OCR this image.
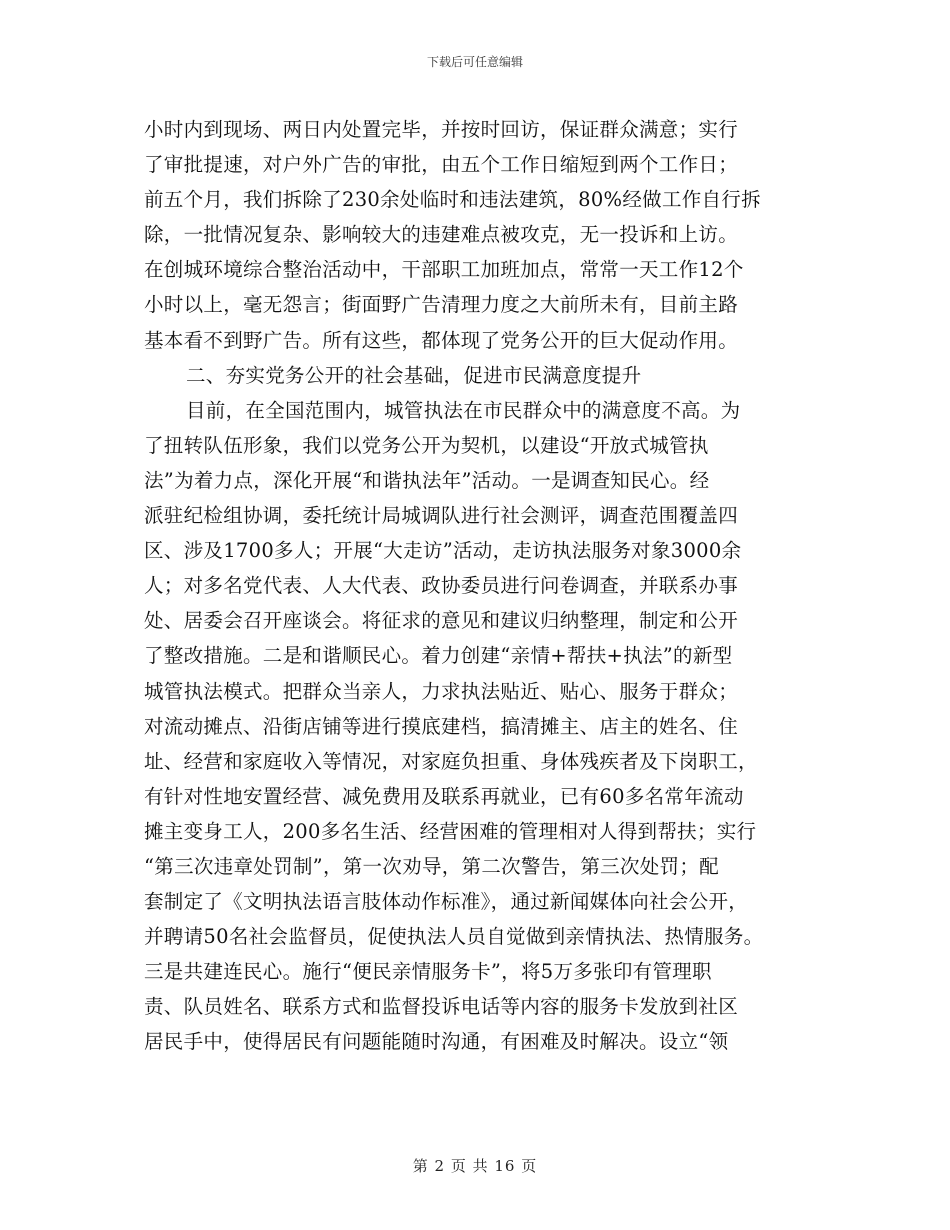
下载后可任意编辑
小时内到现场、两日内处置完毕，并按时回访，保证群众满意；实行
了审批提速，对户外广告的审批，由五个工作日缩短到两个工作日；
前五个月，我们拆除了230余处临时和违法建筑，80%经做工作自行拆
除，一批情况复杂、影响较大的违建难点被攻克，无一投诉和上访。
在创城环境综合整治活动中，干部职工加班加点，常常一天工作12个
小时以上，毫无怨言；街面野广告清理力度之大前所未有，目前主路
基本看不到野广告。所有这些，都体现了党务公开的巨大促动作用。
二、夯实党务公开的社会基础，促进市民满意度提升
目前，在全国范围内，城管执法在市民群众中的满意度不高。为
了扭转队伍形象，我们以党务公开为契机，以建设“开放式城管执
法”为着力点，深化开展“和谐执法年”活动。一是调查知民心。经
派驻纪检组协调，委托统计局城调队进行社会测评，调查范围覆盖四
区、涉及1700多人；开展“大走访”活动，走访执法服务对象3000余
人；对多名党代表、人大代表、政协委员进行问卷调查，并联系办事
处、居委会召开座谈会。将征求的意见和建议归纳整理，制定和公开
了整改措施。二是和谐顺民心。着力创建“亲情+帮扶+执法”的新型
城管执法模式。把群众当亲人，力求执法贴近、贴心、服务于群众；
对流动摊点、沿街店铺等进行摸底建档，搞清摊主、店主的姓名、住
址、经营和家庭收入等情况，对家庭负担重、身体残疾者及下岗职工，
有针对性地安置经营、减免费用及联系再就业，已有60多名常年流动
摊主变身工人，200多名生活、经营困难的管理相对人得到帮扶；实行
“第三次违章处罚制”，第一次劝导，第二次警告，第三次处罚；配
套制定了《文明执法语言肢体动作标准》，通过新闻媒体向社会公开，
并聘请50名社会监督员，促使执法人员自觉做到亲情执法、热情服务。
三是共建连民心。施行“便民亲情服务卡”，将5万多张印有管理职
责、队员姓名、联系方式和监督投诉电话等内容的服务卡发放到社区
居民手中，使得居民有问题能随时沟通，有困难及时解决。设立“领
第 2 页 共 16 页
